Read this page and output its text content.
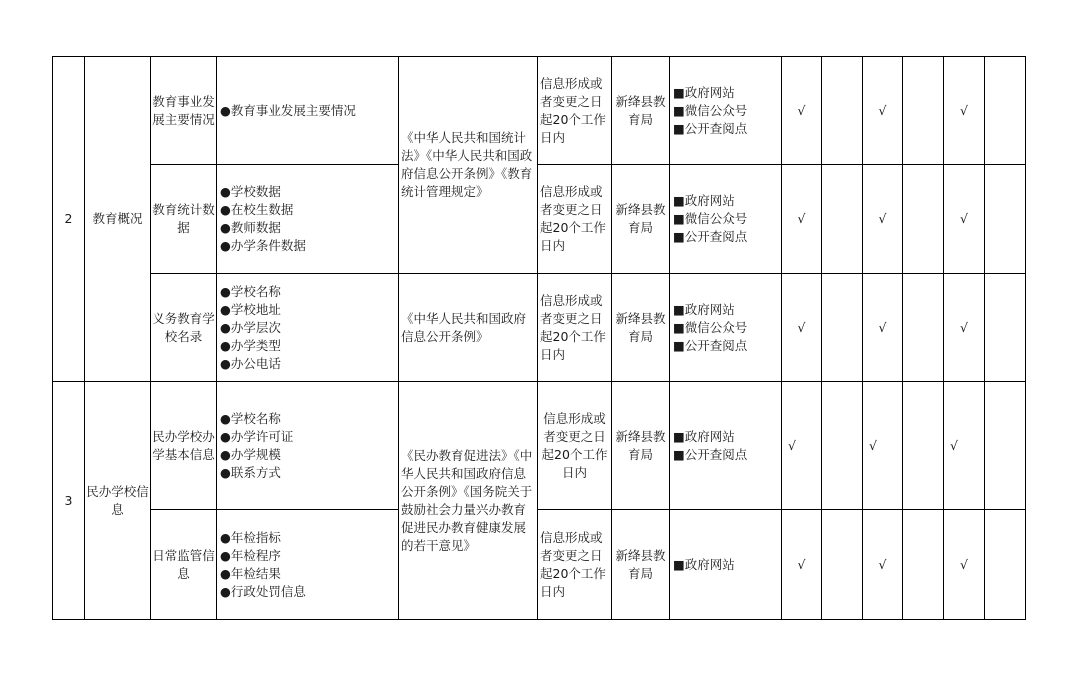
2	教育概况	教育事业发展主要情况	●教育事业发展主要情况	《中华人民共和国统计法》《中华人民共和国政府信息公开条例》《教育统计管理规定》	信息形成或者变更之日起20个工作日内	新绛县教育局	■政府网站
■微信公众号
■公开查阅点	√		√		√	
		教育统计数据	●学校数据
●在校生数据
●教师数据
●办学条件数据		信息形成或者变更之日起20个工作日内	新绛县教育局	■政府网站
■微信公众号
■公开查阅点	√		√		√	
		义务教育学校名录	●学校名称
●学校地址
●办学层次
●办学类型
●办公电话	《中华人民共和国政府信息公开条例》	信息形成或者变更之日起20个工作日内	新绛县教育局	■政府网站
■微信公众号
■公开查阅点	√		√		√	
3	民办学校信息	民办学校办学基本信息	●学校名称
●办学许可证
●办学规模
●联系方式	《民办教育促进法》《中华人民共和国政府信息公开条例》《国务院关于鼓励社会力量兴办教育 促进民办教育健康发展的若干意见》	信息形成或者变更之日起20个工作日内	新绛县教育局	■政府网站
■公开查阅点	√		√		√	
		日常监管信息	●年检指标
●年检程序
●年检结果
●行政处罚信息		信息形成或者变更之日起20个工作日内	新绛县教育局	■政府网站	√		√		√	
